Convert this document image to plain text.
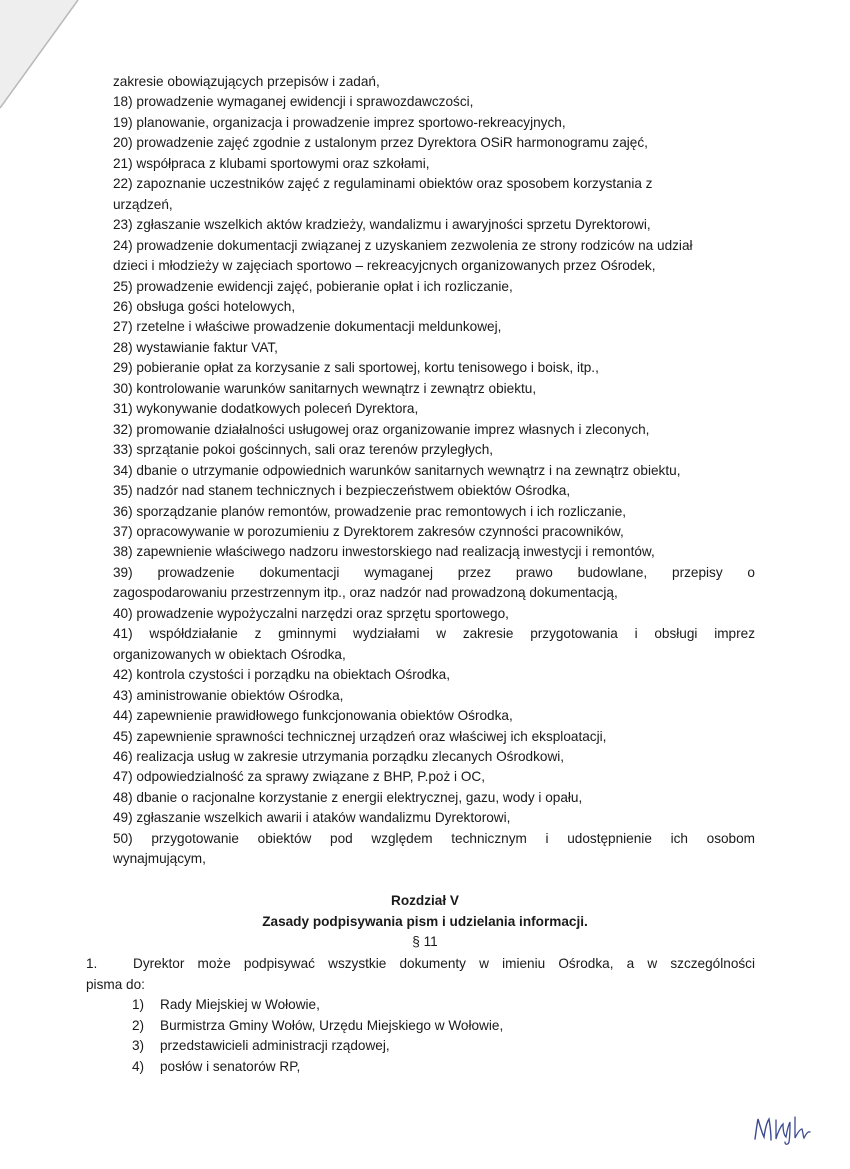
zakresie obowiązujących przepisów i zadań,
18) prowadzenie wymaganej ewidencji i sprawozdawczości,
19) planowanie, organizacja i prowadzenie imprez sportowo-rekreacyjnych,
20) prowadzenie zajęć zgodnie z ustalonym przez Dyrektora OSiR harmonogramu zajęć,
21) współpraca z klubami sportowymi oraz szkołami,
22) zapoznanie uczestników zajęć z regulaminami obiektów oraz sposobem korzystania z
urządzeń,
23) zgłaszanie wszelkich aktów kradzieży, wandalizmu i awaryjności sprzetu Dyrektorowi,
24) prowadzenie dokumentacji związanej z uzyskaniem zezwolenia ze strony rodziców na udział
dzieci i młodzieży w zajęciach sportowo – rekreacyjcnych organizowanych przez Ośrodek,
25) prowadzenie ewidencji zajęć, pobieranie opłat i ich rozliczanie,
26) obsługa gości hotelowych,
27) rzetelne i właściwe prowadzenie dokumentacji meldunkowej,
28) wystawianie faktur VAT,
29) pobieranie opłat za korzysanie z sali sportowej, kortu tenisowego i boisk, itp.,
30) kontrolowanie warunków sanitarnych wewnątrz i zewnątrz obiektu,
31) wykonywanie dodatkowych poleceń Dyrektora,
32) promowanie działalności usługowej oraz organizowanie imprez własnych i zleconych,
33) sprzątanie pokoi gościnnych, sali oraz terenów przyległych,
34) dbanie o utrzymanie odpowiednich warunków sanitarnych wewnątrz i na zewnątrz obiektu,
35) nadzór nad stanem technicznych i bezpieczeństwem obiektów Ośrodka,
36) sporządzanie planów remontów, prowadzenie prac remontowych i ich rozliczanie,
37) opracowywanie w porozumieniu z Dyrektorem zakresów czynności pracowników,
38) zapewnienie właściwego nadzoru inwestorskiego nad realizacją inwestycji i remontów,
39) prowadzenie dokumentacji wymaganej przez prawo budowlane, przepisy o
zagospodarowaniu przestrzennym itp., oraz nadzór nad prowadzoną dokumentacją,
40) prowadzenie wypożyczalni narzędzi oraz sprzętu sportowego,
41) współdziałanie z gminnymi wydziałami w zakresie przygotowania i obsługi imprez
organizowanych w obiektach Ośrodka,
42) kontrola czystości i porządku na obiektach Ośrodka,
43) aministrowanie obiektów Ośrodka,
44) zapewnienie prawidłowego funkcjonowania obiektów Ośrodka,
45) zapewnienie sprawności technicznej urządzeń oraz właściwej ich eksploatacji,
46) realizacja usług w zakresie utrzymania porządku zlecanych Ośrodkowi,
47) odpowiedzialność za sprawy związane z BHP, P.poż i OC,
48) dbanie o racjonalne korzystanie z energii elektrycznej, gazu, wody i opału,
49) zgłaszanie wszelkich awarii i ataków wandalizmu Dyrektorowi,
50) przygotowanie obiektów pod względem technicznym i udostępnienie ich osobom
wynajmującym,
Rozdział V
Zasady podpisywania pism i udzielania informacji.
§ 11
1.	Dyrektor może podpisywać wszystkie dokumenty w imieniu Ośrodka, a w szczególności
pisma do:
1) Rady Miejskiej w Wołowie,
2) Burmistrza Gminy Wołów, Urzędu Miejskiego w Wołowie,
3) przedstawicieli administracji rządowej,
4) posłów i senatorów RP,
